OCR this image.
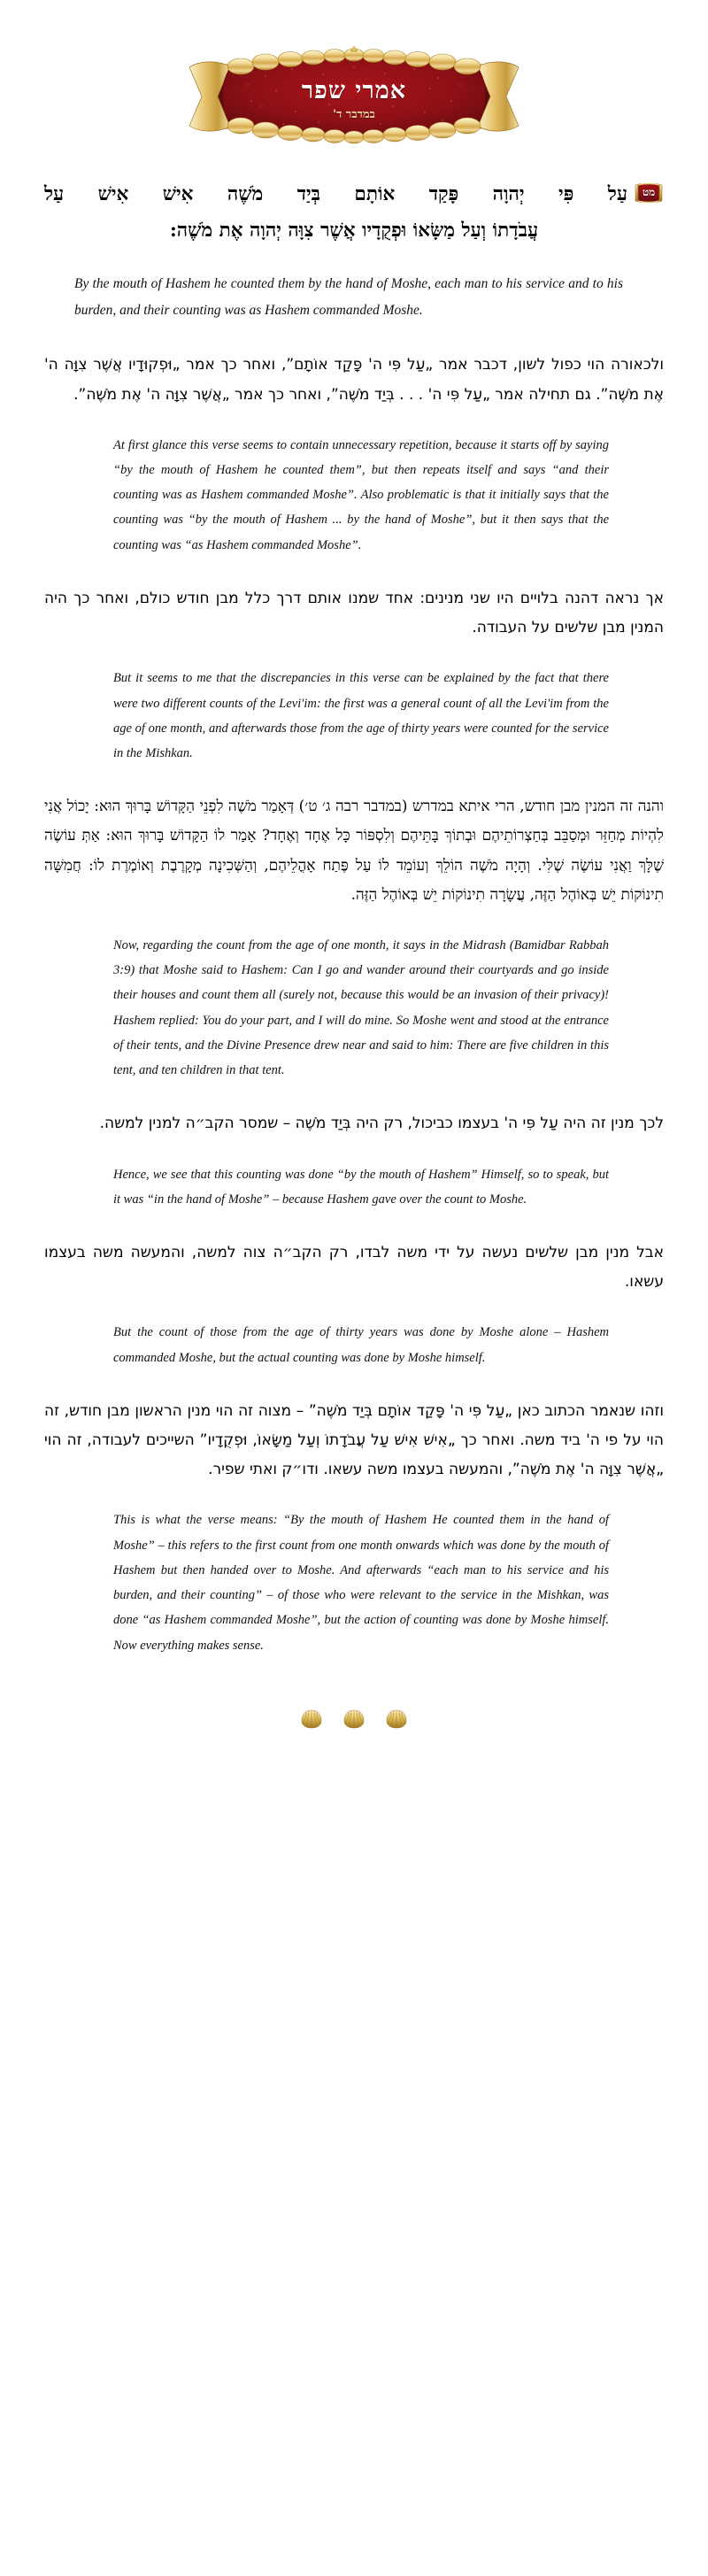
אמרי שפר
במדבר ד'
מט
עַל פִּי יְהוָה פָּקַד אוֹתָם בְּיַד מֹשֶׁה אִישׁ אִישׁ עַל
עֲבֹדָתוֹ וְעַל מַשָּׂאוֹ וּפְקֻדָיו אֲשֶׁר צִוָּה יְהוָה אֶת מֹשֶׁה:
By the mouth of Hashem he counted them by the hand of Moshe, each man to his service and to his burden, and their counting was as Hashem commanded Moshe.
ולכאורה הוי כפול לשון, דכבר אמר „עַל פִּי ה' פָּקַד אוֹתָם”, ואחר כך אמר „וּפְקוּדָיו אֲשֶׁר צִוָּה ה' אֶת מֹשֶׁה”. גם תחילה אמר „עַל פִּי ה' . . . בְּיַד מֹשֶׁה”, ואחר כך אמר „אֲשֶׁר צִוָּה ה' אֶת מֹשֶׁה”.
At first glance this verse seems to contain unnecessary repetition, because it starts off by saying “by the mouth of Hashem he counted them”, but then repeats itself and says “and their counting was as Hashem commanded Moshe”. Also problematic is that it initially says that the counting was “by the mouth of Hashem ... by the hand of Moshe”, but it then says that the counting was “as Hashem commanded Moshe”.
אך נראה דהנה בלויים היו שני מנינים: אחד שמנו אותם דרך כלל מבן חודש כולם, ואחר כך היה המנין מבן שלשים על העבודה.
But it seems to me that the discrepancies in this verse can be explained by the fact that there were two different counts of the Levi'im: the first was a general count of all the Levi'im from the age of one month, and afterwards those from the age of thirty years were counted for the service in the Mishkan.
והנה זה המנין מבן חודש, הרי איתא במדרש (במדבר רבה ג׳ ט׳) דְּאָמַר מֹשֶׁה לִפְנֵי הַקָּדוֹשׁ בָּרוּךְ הוּא: יָכוֹל אֲנִי לִהְיוֹת מְחַזֵּר וּמְסַבֵּב בְּחַצְרוֹתֵיהֶם וּבְתוֹךְ בָּתֵּיהֶם וְלִסְפּוֹר כָּל אֶחָד וְאֶחָד? אָמַר לוֹ הַקָּדוֹשׁ בָּרוּךְ הוּא: אַתְּ עוֹשֶׂה שֶׁלָּךְ וַאֲנִי עוֹשֶׂה שֶׁלִּי. וְהָיָה מֹשֶׁה הוֹלֵךְ וְעוֹמֵד לוֹ עַל פֶּתַח אָהֳלֵיהֶם, וְהַשְּׁכִינָה מְקָרֶבֶת וְאוֹמֶרֶת לוֹ: חֲמִשָּׁה תִינוֹקוֹת יֵשׁ בְּאוֹהֶל הַזֶּה, עֲשָׂרָה תִינוֹקוֹת יֵשׁ בְּאוֹהֶל הַזֶּה.
Now, regarding the count from the age of one month, it says in the Midrash (Bamidbar Rabbah 3:9) that Moshe said to Hashem: Can I go and wander around their courtyards and go inside their houses and count them all (surely not, because this would be an invasion of their privacy)! Hashem replied: You do your part, and I will do mine. So Moshe went and stood at the entrance of their tents, and the Divine Presence drew near and said to him: There are five children in this tent, and ten children in that tent.
לכך מנין זה היה עַל פִּי ה' בעצמו כביכול, רק היה בְּיַד מֹשֶׁה – שמסר הקב״ה למנין למשה.
Hence, we see that this counting was done “by the mouth of Hashem” Himself, so to speak, but it was “in the hand of Moshe” – because Hashem gave over the count to Moshe.
אבל מנין מבן שלשים נעשה על ידי משה לבדו, רק הקב״ה צוה למשה, והמעשה משה בעצמו עשאו.
But the count of those from the age of thirty years was done by Moshe alone – Hashem commanded Moshe, but the actual counting was done by Moshe himself.
וזהו שנאמר הכתוב כאן „עַל פִּי ה' פָּקַד אוֹתָם בְּיַד מֹשֶׁה” – מצוה זה הוי מנין הראשון מבן חודש, זה הוי על פי ה' ביד משה. ואחר כך „אִישׁ אִישׁ עַל עֲבֹדָתוֹ וְעַל מַשָּׂאוֹ, וּפְקֻדָיו” השייכים לעבודה, זה הוי „אֲשֶׁר צִוָּה ה' אֶת מֹשֶׁה”, והמעשה בעצמו משה עשאו. ודו״ק ואתי שפיר.
This is what the verse means: “By the mouth of Hashem He counted them in the hand of Moshe” – this refers to the first count from one month onwards which was done by the mouth of Hashem but then handed over to Moshe. And afterwards “each man to his service and his burden, and their counting” – of those who were relevant to the service in the Mishkan, was done “as Hashem commanded Moshe”, but the action of counting was done by Moshe himself. Now everything makes sense.
